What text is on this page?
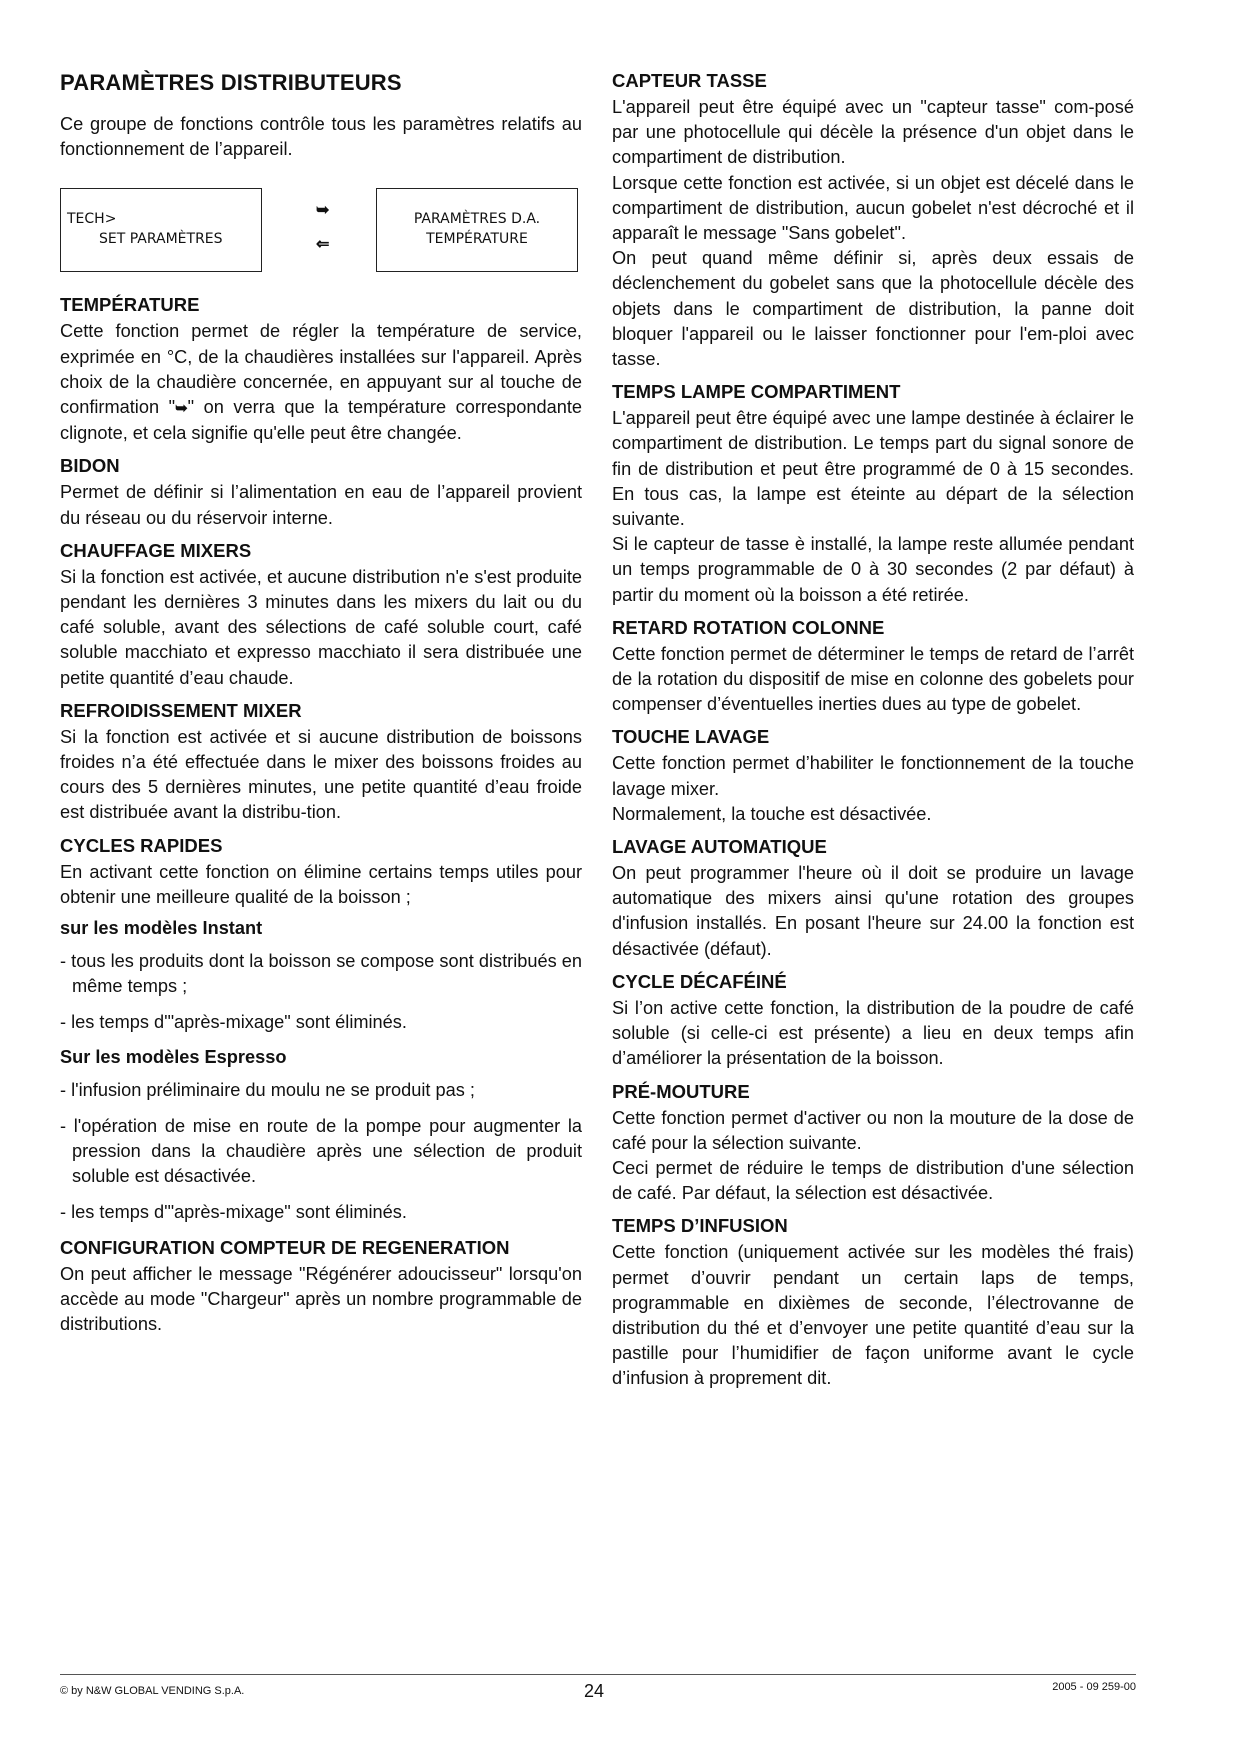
PARAMÈTRES DISTRIBUTEURS

Ce groupe de fonctions contrôle tous les paramètres relatifs au fonctionnement de l’appareil.

TECH>
SET PARAMÈTRES
➥
⇐
PARAMÈTRES D.A.
TEMPÉRATURE
TEMPÉRATURE

Cette fonction permet de régler la température de service, exprimée en °C, de la chaudières installées sur l'appareil. Après choix de la chaudière concernée, en appuyant sur al touche de confirmation "➥" on verra que la température correspondante clignote, et cela signifie qu'elle peut être changée.

BIDON

Permet de définir si l’alimentation en eau de l’appareil provient du réseau ou du réservoir interne.

CHAUFFAGE MIXERS

Si la fonction est activée, et aucune distribution n'e s'est produite pendant les dernières 3 minutes dans les mixers du lait ou du café soluble, avant des sélections de café soluble court, café soluble macchiato et expresso macchiato il sera distribuée une petite quantité d’eau chaude.

REFROIDISSEMENT MIXER

Si la fonction est activée et si aucune distribution de boissons froides n’a été effectuée dans le mixer des boissons froides au cours des 5 dernières minutes, une petite quantité d’eau froide est distribuée avant la distribu-tion.

CYCLES RAPIDES

En activant cette fonction on élimine certains temps utiles pour obtenir une meilleure qualité de la boisson ;

sur les modèles Instant
- tous les produits dont la boisson se compose sont distribués en même temps ;
- les temps d'"après-mixage" sont éliminés.
Sur les modèles Espresso
- l'infusion préliminaire du moulu ne se produit pas ;
- l'opération de mise en route de la pompe pour augmenter la pression dans la chaudière après une sélection de produit soluble est désactivée.
- les temps d'"après-mixage" sont éliminés.
CONFIGURATION COMPTEUR DE REGENERATION

On peut afficher le message "Régénérer adoucisseur" lorsqu'on accède au mode "Chargeur" après un nombre programmable de distributions.

CAPTEUR TASSE

L'appareil peut être équipé avec un "capteur tasse" com-posé par une photocellule qui décèle la présence d'un objet dans le compartiment de distribution.

Lorsque cette fonction est activée, si un objet est décelé dans le compartiment de distribution, aucun gobelet n'est décroché et il apparaît le message "Sans gobelet".

On peut quand même définir si, après deux essais de déclenchement du gobelet sans que la photocellule décèle des objets dans le compartiment de distribution, la panne doit bloquer l'appareil ou le laisser fonctionner pour l'em-ploi avec tasse.

TEMPS LAMPE COMPARTIMENT

L'appareil peut être équipé avec une lampe destinée à éclairer le compartiment de distribution. Le temps part du signal sonore de fin de distribution et peut être programmé de 0 à 15 secondes. En tous cas, la lampe est éteinte au départ de la sélection suivante.

Si le capteur de tasse è installé, la lampe reste allumée pendant un temps programmable de 0 à 30 secondes (2 par défaut) à partir du moment où la boisson a été retirée.

RETARD ROTATION COLONNE

Cette fonction permet de déterminer le temps de retard de l’arrêt de la rotation du dispositif de mise en colonne des gobelets pour compenser d’éventuelles inerties dues au type de gobelet.

TOUCHE LAVAGE

Cette fonction permet d’habiliter le fonctionnement de la touche lavage mixer.

Normalement, la touche est désactivée.

LAVAGE AUTOMATIQUE

On peut programmer l'heure où il doit se produire un lavage automatique des mixers ainsi qu'une rotation des groupes d'infusion installés. En posant l'heure sur 24.00 la fonction est désactivée (défaut).

CYCLE DÉCAFÉINÉ

Si l’on active cette fonction, la distribution de la poudre de café soluble (si celle-ci est présente) a lieu en deux temps afin d’améliorer la présentation de la boisson.

PRÉ-MOUTURE

Cette fonction permet d'activer ou non la mouture de la dose de café pour la sélection suivante.

Ceci permet de réduire le temps de distribution d'une sélection de café. Par défaut, la sélection est désactivée.

TEMPS D’INFUSION

Cette fonction (uniquement activée sur les modèles thé frais) permet d’ouvrir pendant un certain laps de temps, programmable en dixièmes de seconde, l’électrovanne de distribution du thé et d’envoyer une petite quantité d’eau sur la pastille pour l’humidifier de façon uniforme avant le cycle d’infusion à proprement dit.

© by N&W GLOBAL VENDING S.p.A.	24	2005 - 09 259-00
